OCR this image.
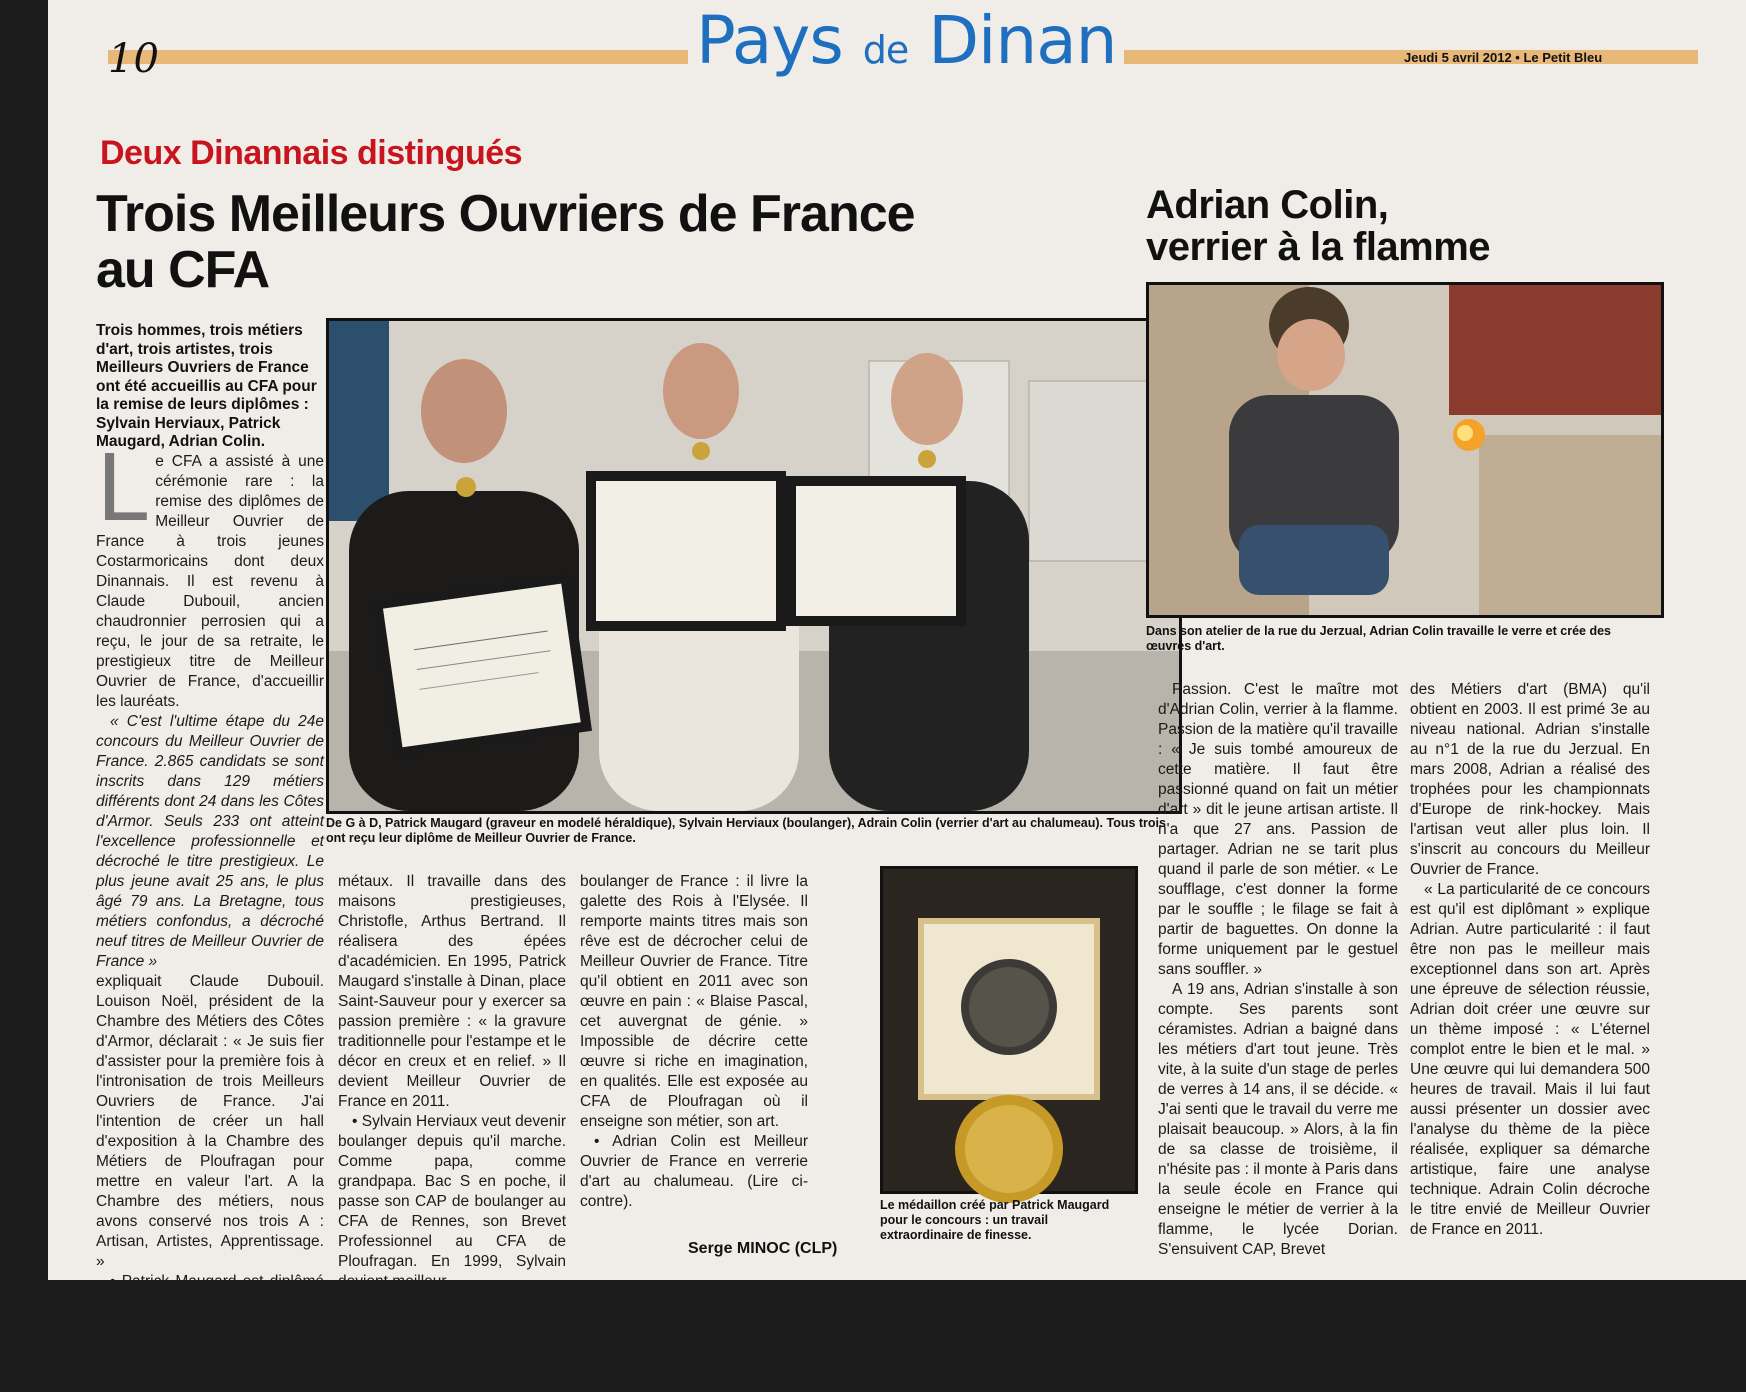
10	Pays de Dinan	Jeudi 5 avril 2012 • Le Petit Bleu
Deux Dinannais distingués
Trois Meilleurs Ouvriers de France
au CFA
Trois hommes, trois métiers d'art, trois artistes, trois Meilleurs Ouvriers de France ont été accueillis au CFA pour la remise de leurs diplômes : Sylvain Herviaux, Patrick Maugard, Adrian Colin.
De G à D, Patrick Maugard (graveur en modelé héraldique), Sylvain Herviaux (boulanger), Adrain Colin (verrier d'art au chalumeau). Tous trois ont reçu leur diplôme de Meilleur Ouvrier de France.
L e CFA a assisté à une cérémonie rare : la remise des diplômes de Meilleur Ouvrier de France à trois jeunes Costarmoricains dont deux Dinannais. Il est revenu à Claude Dubouil, ancien chaudronnier perrosien qui a reçu, le jour de sa retraite, le prestigieux titre de Meilleur Ouvrier de France, d'accueillir les lauréats.

« C'est l'ultime étape du 24e concours du Meilleur Ouvrier de France. 2.865 candidats se sont inscrits dans 129 métiers différents dont 24 dans les Côtes d'Armor. Seuls 233 ont atteint l'excellence professionnelle et décroché le titre prestigieux. Le plus jeune avait 25 ans, le plus âgé 79 ans. La Bretagne, tous métiers confondus, a décroché neuf titres de Meilleur Ouvrier de France »

expliquait Claude Dubouil. Louison Noël, président de la Chambre des Métiers des Côtes d'Armor, déclarait : « Je suis fier d'assister pour la première fois à l'intronisation de trois Meilleurs Ouvriers de France. J'ai l'intention de créer un hall d'exposition à la Chambre des Métiers de Ploufragan pour mettre en valeur l'art. A la Chambre des métiers, nous avons conservé nos trois A : Artisan, Artistes, Apprentissage. »

• Patrick Maugard est diplômé de la célèbre école Boulle. Il y a suivi une formation en gravure ornementale adaptée à l'orfèvrerie, à la gravure sur bijoux et

métaux. Il travaille dans des maisons prestigieuses, Christofle, Arthus Bertrand. Il réalisera des épées d'académicien. En 1995, Patrick Maugard s'installe à Dinan, place Saint-Sauveur pour y exercer sa passion première : « la gravure traditionnelle pour l'estampe et le décor en creux et en relief. » Il devient Meilleur Ouvrier de France en 2011.

• Sylvain Herviaux veut devenir boulanger depuis qu'il marche. Comme papa, comme grandpapa. Bac S en poche, il passe son CAP de boulanger au CFA de Rennes, son Brevet Professionnel au CFA de Ploufragan. En 1999, Sylvain devient meilleur

boulanger de France : il livre la galette des Rois à l'Elysée. Il remporte maints titres mais son rêve est de décrocher celui de Meilleur Ouvrier de France. Titre qu'il obtient en 2011 avec son œuvre en pain : « Blaise Pascal, cet auvergnat de génie. » Impossible de décrire cette œuvre si riche en imagination, en qualités. Elle est exposée au CFA de Ploufragan où il enseigne son métier, son art.

• Adrian Colin est Meilleur Ouvrier de France en verrerie d'art au chalumeau. (Lire ci-contre).

Serge MINOC (CLP)
Le médaillon créé par Patrick Maugard pour le concours : un travail extraordinaire de finesse.
Adrian Colin,
verrier à la flamme
Dans son atelier de la rue du Jerzual, Adrian Colin travaille le verre et crée des œuvres d'art.

Passion. C'est le maître mot d'Adrian Colin, verrier à la flamme. Passion de la matière qu'il travaille : « Je suis tombé amoureux de cette matière. Il faut être passionné quand on fait un métier d'art » dit le jeune artisan artiste. Il n'a que 27 ans. Passion de partager. Adrian ne se tarit plus quand il parle de son métier. « Le soufflage, c'est donner la forme par le souffle ; le filage se fait à partir de baguettes. On donne la forme uniquement par le gestuel sans souffler. »

A 19 ans, Adrian s'installe à son compte. Ses parents sont céramistes. Adrian a baigné dans les métiers d'art tout jeune. Très vite, à la suite d'un stage de perles de verres à 14 ans, il se décide. « J'ai senti que le travail du verre me plaisait beaucoup. » Alors, à la fin de sa classe de troisième, il n'hésite pas : il monte à Paris dans la seule école en France qui enseigne le métier de verrier à la flamme, le lycée Dorian. S'ensuivent CAP, Brevet

des Métiers d'art (BMA) qu'il obtient en 2003. Il est primé 3e au niveau national. Adrian s'installe au n°1 de la rue du Jerzual. En mars 2008, Adrian a réalisé des trophées pour les championnats d'Europe de rink-hockey. Mais l'artisan veut aller plus loin. Il s'inscrit au concours du Meilleur Ouvrier de France.

« La particularité de ce concours est qu'il est diplômant » explique Adrian. Autre particularité : il faut être non pas le meilleur mais exceptionnel dans son art. Après une épreuve de sélection réussie, Adrian doit créer une œuvre sur un thème imposé : « L'éternel complot entre le bien et le mal. » Une œuvre qui lui demandera 500 heures de travail. Mais il lui faut aussi présenter un dossier avec l'analyse du thème de la pièce réalisée, expliquer sa démarche artistique, faire une analyse technique. Adrain Colin décroche le titre envié de Meilleur Ouvrier de France en 2011.
